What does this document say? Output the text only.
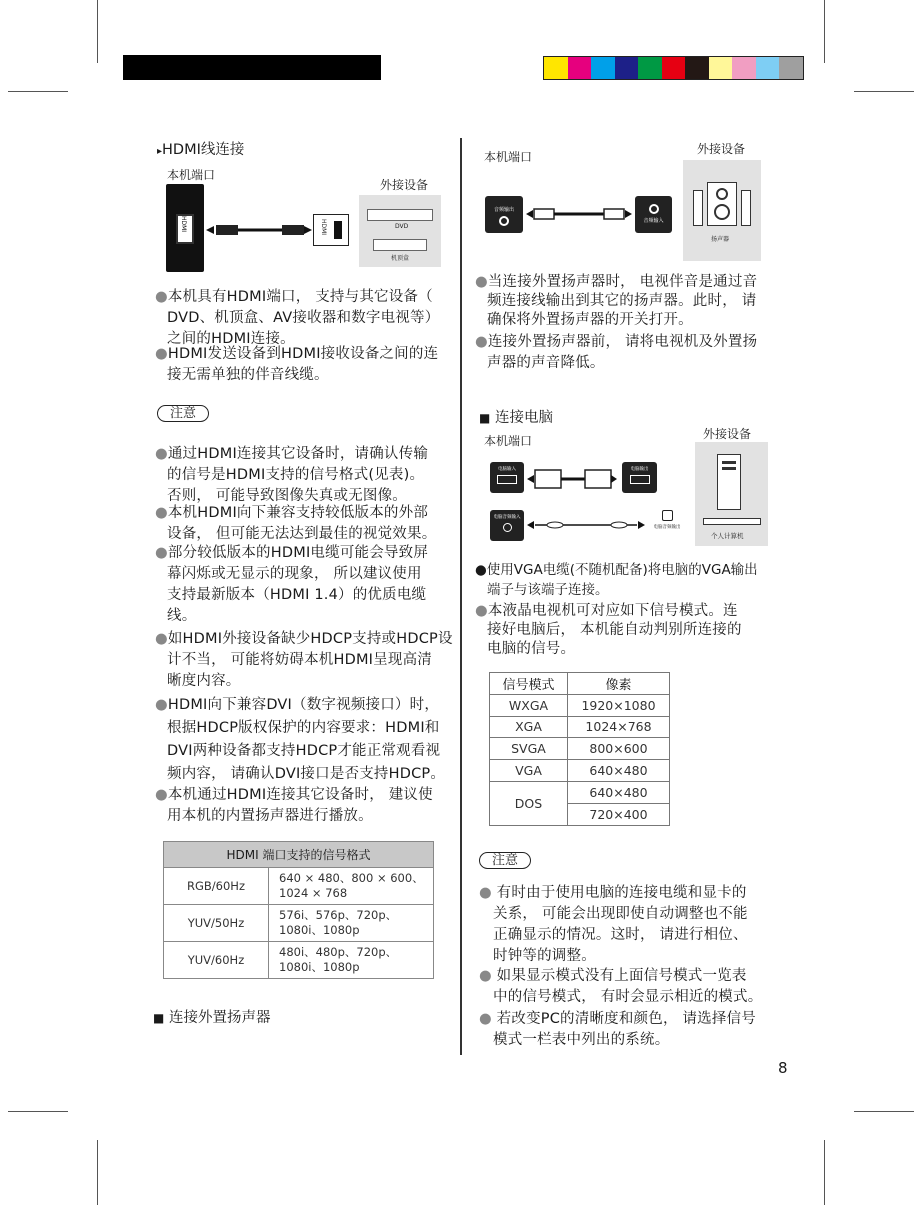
▸HDMI线连接
本机端口
外接设备
HDMI	HDMI	DVD
机顶盒
●本机具有HDMI端口， 支持与其它设备（
DVD、机顶盒、AV接收器和数字电视等）
之间的HDMI连接。
●HDMI发送设备到HDMI接收设备之间的连
接无需单独的伴音线缆。
注意
●通过HDMI连接其它设备时，请确认传输
的信号是HDMI支持的信号格式(见表)。
否则， 可能导致图像失真或无图像。
●本机HDMI向下兼容支持较低版本的外部
设备， 但可能无法达到最佳的视觉效果。
●部分较低版本的HDMI电缆可能会导致屏
幕闪烁或无显示的现象， 所以建议使用
支持最新版本（HDMI 1.4）的优质电缆
线。
●如HDMI外接设备缺少HDCP支持或HDCP设
计不当， 可能将妨碍本机HDMI呈现高清
晰度内容。
●HDMI向下兼容DVI（数字视频接口）时，
根据HDCP版权保护的内容要求：HDMI和
DVI两种设备都支持HDCP才能正常观看视
频内容， 请确认DVI接口是否支持HDCP。
●本机通过HDMI连接其它设备时， 建议使
用本机的内置扬声器进行播放。
HDMI 端口支持的信号格式	
RGB/60Hz	640 × 480、800 × 600、
1024 × 768

YUV/50Hz	576i、576p、720p、
1080i、1080p

YUV/60Hz	480i、480p、720p、
1080i、1080p
■ 连接外置扬声器
本机端口
外接设备
音频输出
音频输入
扬声器
●当连接外置扬声器时， 电视伴音是通过音
频连接线输出到其它的扬声器。此时， 请
确保将外置扬声器的开关打开。
●连接外置扬声器前， 请将电视机及外置扬
声器的声音降低。
■ 连接电脑
本机端口	外接设备
电脑输入	电脑输出
电脑音频输入
电脑音频输出
个人计算机
●使用VGA电缆(不随机配备)将电脑的VGA输出
端子与该端子连接。
●本液晶电视机可对应如下信号模式。连
接好电脑后， 本机能自动判别所连接的
电脑的信号。
信号模式	像素
WXGA	1920×1080
XGA	1024×768
SVGA	800×600
VGA	640×480
DOS	640×480
	720×400
注意
● 有时由于使用电脑的连接电缆和显卡的
关系， 可能会出现即使自动调整也不能
正确显示的情况。这时， 请进行相位、
时钟等的调整。
● 如果显示模式没有上面信号模式一览表
中的信号模式， 有时会显示相近的模式。
● 若改变PC的清晰度和颜色， 请选择信号
模式一栏表中列出的系统。
8
